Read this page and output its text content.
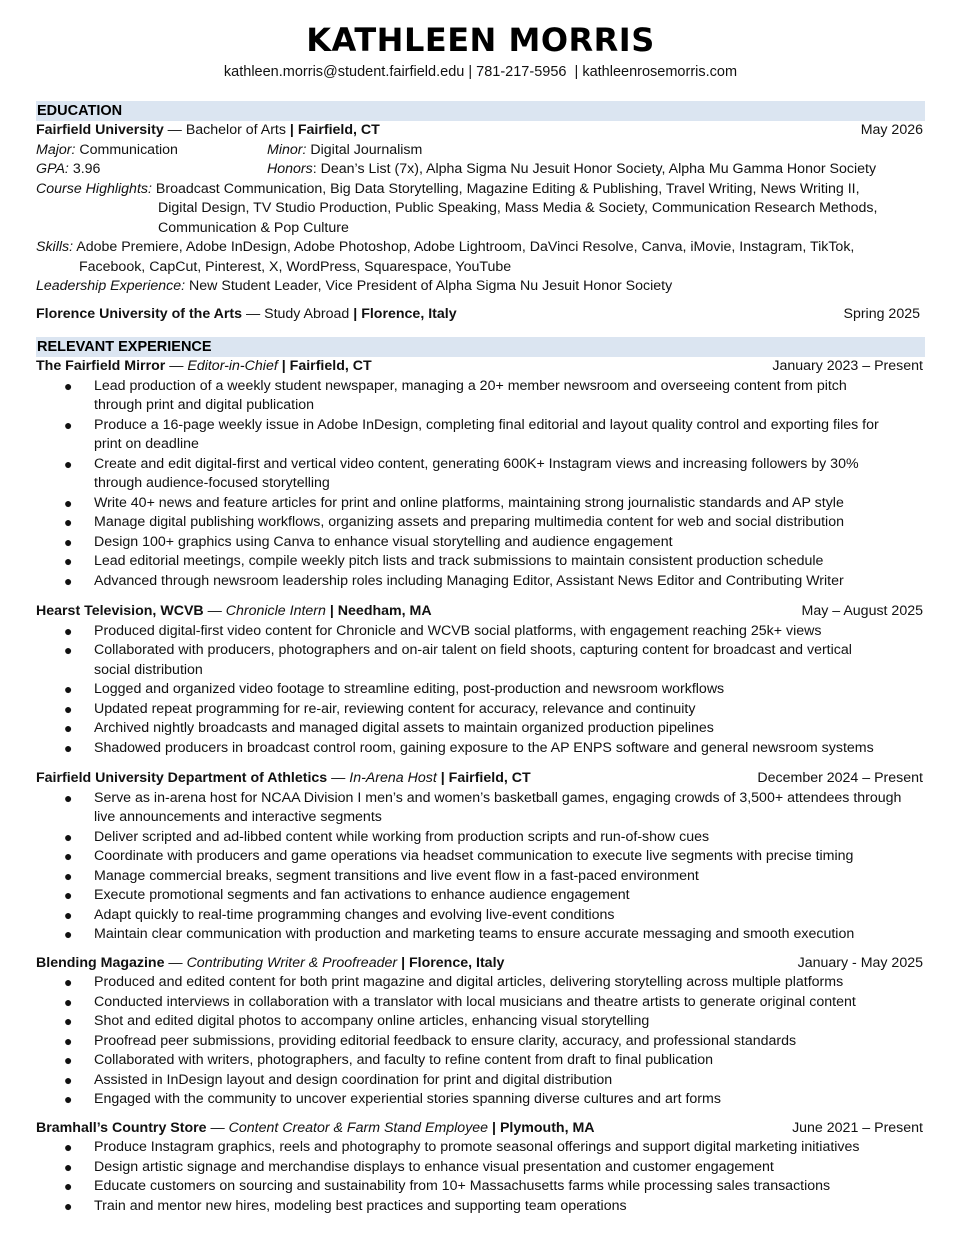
KATHLEEN MORRIS
kathleen.morris@student.fairfield.edu | 781-217-5956  | kathleenrosemorris.com
EDUCATION
Fairfield University — Bachelor of Arts | Fairfield, CT	May 2026
Major: Communication	Minor: Digital Journalism
GPA: 3.96	Honors: Dean’s List (7x), Alpha Sigma Nu Jesuit Honor Society, Alpha Mu Gamma Honor Society
Course Highlights: Broadcast Communication, Big Data Storytelling, Magazine Editing & Publishing, Travel Writing, News Writing II,
Digital Design, TV Studio Production, Public Speaking, Mass Media & Society, Communication Research Methods,
Communication & Pop Culture
Skills: Adobe Premiere, Adobe InDesign, Adobe Photoshop, Adobe Lightroom, DaVinci Resolve, Canva, iMovie, Instagram, TikTok,
Facebook, CapCut, Pinterest, X, WordPress, Squarespace, YouTube
Leadership Experience: New Student Leader, Vice President of Alpha Sigma Nu Jesuit Honor Society
Florence University of the Arts — Study Abroad | Florence, Italy	Spring 2025
RELEVANT EXPERIENCE
The Fairfield Mirror — Editor-in-Chief | Fairfield, CT	January 2023 – Present
● Lead production of a weekly student newspaper, managing a 20+ member newsroom and overseeing content from pitch
through print and digital publication
● Produce a 16-page weekly issue in Adobe InDesign, completing final editorial and layout quality control and exporting files for
print on deadline
● Create and edit digital-first and vertical video content, generating 600K+ Instagram views and increasing followers by 30%
through audience-focused storytelling
● Write 40+ news and feature articles for print and online platforms, maintaining strong journalistic standards and AP style
● Manage digital publishing workflows, organizing assets and preparing multimedia content for web and social distribution
● Design 100+ graphics using Canva to enhance visual storytelling and audience engagement
● Lead editorial meetings, compile weekly pitch lists and track submissions to maintain consistent production schedule
● Advanced through newsroom leadership roles including Managing Editor, Assistant News Editor and Contributing Writer
Hearst Television, WCVB — Chronicle Intern | Needham, MA	May – August 2025
● Produced digital-first video content for Chronicle and WCVB social platforms, with engagement reaching 25k+ views
● Collaborated with producers, photographers and on-air talent on field shoots, capturing content for broadcast and vertical
social distribution
● Logged and organized video footage to streamline editing, post-production and newsroom workflows
● Updated repeat programming for re-air, reviewing content for accuracy, relevance and continuity
● Archived nightly broadcasts and managed digital assets to maintain organized production pipelines
● Shadowed producers in broadcast control room, gaining exposure to the AP ENPS software and general newsroom systems
Fairfield University Department of Athletics — In-Arena Host | Fairfield, CT	December 2024 – Present
● Serve as in-arena host for NCAA Division I men’s and women’s basketball games, engaging crowds of 3,500+ attendees through
live announcements and interactive segments
● Deliver scripted and ad-libbed content while working from production scripts and run-of-show cues
● Coordinate with producers and game operations via headset communication to execute live segments with precise timing
● Manage commercial breaks, segment transitions and live event flow in a fast-paced environment
● Execute promotional segments and fan activations to enhance audience engagement
● Adapt quickly to real-time programming changes and evolving live-event conditions
● Maintain clear communication with production and marketing teams to ensure accurate messaging and smooth execution
Blending Magazine — Contributing Writer & Proofreader | Florence, Italy	January - May 2025
● Produced and edited content for both print magazine and digital articles, delivering storytelling across multiple platforms
● Conducted interviews in collaboration with a translator with local musicians and theatre artists to generate original content
● Shot and edited digital photos to accompany online articles, enhancing visual storytelling
● Proofread peer submissions, providing editorial feedback to ensure clarity, accuracy, and professional standards
● Collaborated with writers, photographers, and faculty to refine content from draft to final publication
● Assisted in InDesign layout and design coordination for print and digital distribution
● Engaged with the community to uncover experiential stories spanning diverse cultures and art forms
Bramhall’s Country Store — Content Creator & Farm Stand Employee | Plymouth, MA	June 2021 – Present
● Produce Instagram graphics, reels and photography to promote seasonal offerings and support digital marketing initiatives
● Design artistic signage and merchandise displays to enhance visual presentation and customer engagement
● Educate customers on sourcing and sustainability from 10+ Massachusetts farms while processing sales transactions
● Train and mentor new hires, modeling best practices and supporting team operations
